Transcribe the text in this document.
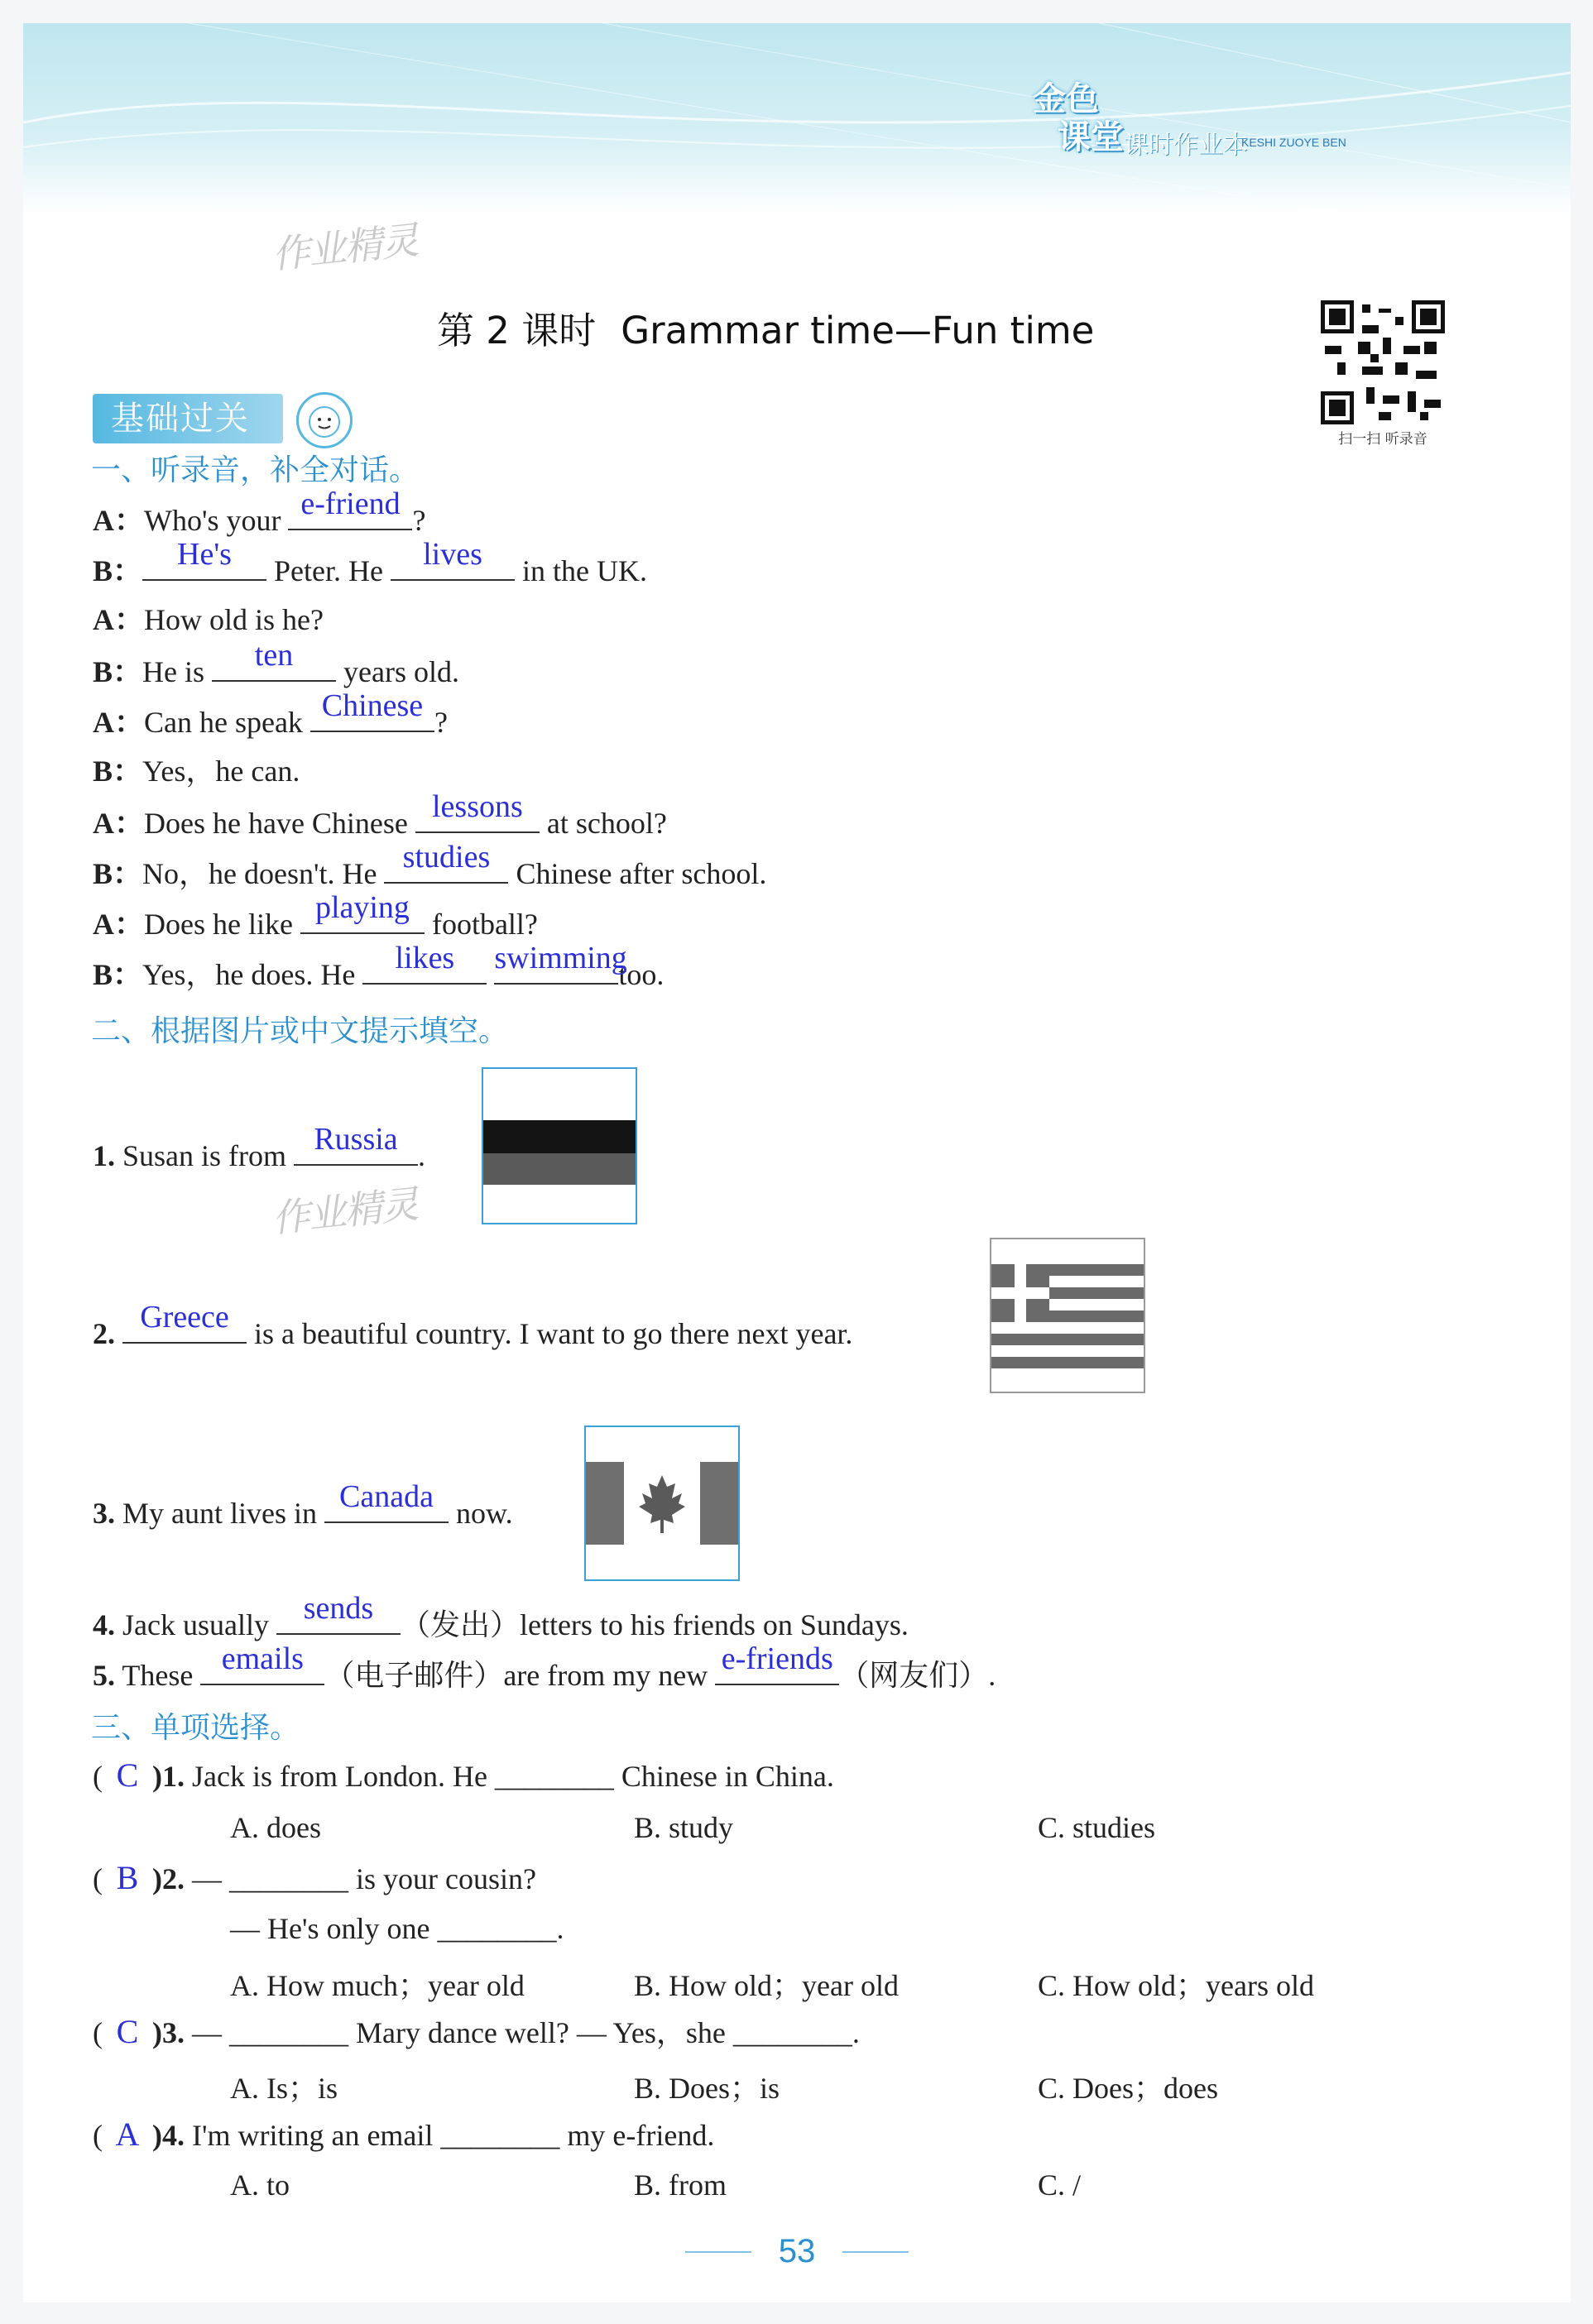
金色
课堂 课时作业本
KESHI ZUOYE BEN
作业精灵
作业精灵
第 2 课时 Grammar time—Fun time
扫一扫 听录音
基础过关
一、听录音，补全对话。
A：Who's your e-friend ?
B：	He's	Peter. He	lives	in the UK.
A：How old is he?
B：He is	ten	years old.
A：Can he speak Chinese ?
B：Yes，he can.
A：Does he have Chinese lessons at school?
B：No，he doesn't. He studies Chinese after school.
A：Does he like playing football?
B：Yes，he does. He	likes
	swimming
too.
二、根据图片或中文提示填空。
1. Susan is from Russia .
2. Greece is a beautiful country. I want to go there next year.
3. My aunt lives in Canada now.
4. Jack usually	sends （发出）letters to his friends on Sundays.
5. These emails （电子邮件）are from my new e-friends （网友们）.
三、单项选择。
( C )1. Jack is from London. He ________ Chinese in China.
A. does	B. study	C. studies
( B )2. — ________ is your cousin?
— He's only one ________.
A. How much；year old	B. How old；year old	C. How old；years old
( C )3. — ________ Mary dance well? — Yes，she ________.
A. Is；is	B. Does；is	C. Does；does
( A )4. I'm writing an email ________ my e-friend.
A. to	B. from	C. /
53
